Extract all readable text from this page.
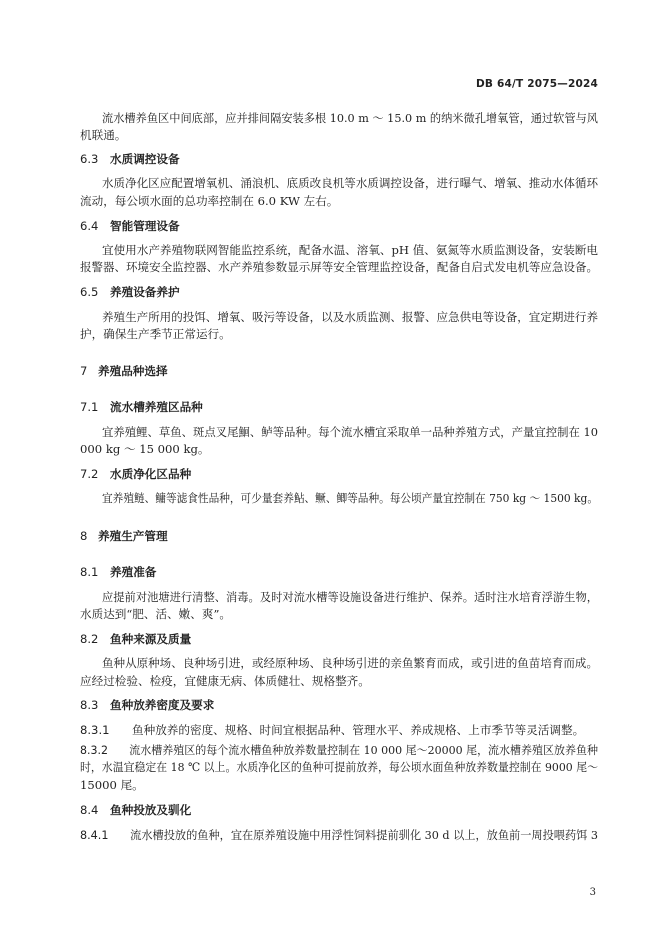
DB 64/T 2075—2024
流水槽养鱼区中间底部，应并排间隔安装多根 10.0 m ～ 15.0 m 的纳米微孔增氧管，通过软管与风
机联通。
6.3 水质调控设备
水质净化区应配置增氧机、涌浪机、底质改良机等水质调控设备，进行曝气、增氧、推动水体循环
流动，每公顷水面的总功率控制在 6.0 KW 左右。
6.4 智能管理设备
宜使用水产养殖物联网智能监控系统，配备水温、溶氧、pH 值、氨氮等水质监测设备，安装断电
报警器、环境安全监控器、水产养殖参数显示屏等安全管理监控设备，配备自启式发电机等应急设备。
6.5 养殖设备养护
养殖生产所用的投饵、增氧、吸污等设备，以及水质监测、报警、应急供电等设备，宜定期进行养
护，确保生产季节正常运行。
7 养殖品种选择
7.1 流水槽养殖区品种
宜养殖鲤、草鱼、斑点叉尾鮰、鲈等品种。每个流水槽宜采取单一品种养殖方式，产量宜控制在 10
000 kg ～ 15 000 kg。
7.2 水质净化区品种
宜养殖鲢、鳙等滤食性品种，可少量套养鲇、鳜、鲫等品种。每公顷产量宜控制在 750 kg ～ 1500 kg。
8 养殖生产管理
8.1 养殖准备
应提前对池塘进行清整、消毒。及时对流水槽等设施设备进行维护、保养。适时注水培育浮游生物，
水质达到“肥、活、嫩、爽”。
8.2 鱼种来源及质量
鱼种从原种场、良种场引进，或经原种场、良种场引进的亲鱼繁育而成，或引进的鱼苗培育而成。
应经过检验、检疫，宜健康无病、体质健壮、规格整齐。
8.3 鱼种放养密度及要求
8.3.1 鱼种放养的密度、规格、时间宜根据品种、管理水平、养成规格、上市季节等灵活调整。
8.3.2 流水槽养殖区的每个流水槽鱼种放养数量控制在 10 000 尾～20000 尾，流水槽养殖区放养鱼种
时，水温宜稳定在 18 ℃ 以上。水质净化区的鱼种可提前放养，每公顷水面鱼种放养数量控制在 9000 尾～
15000 尾。
8.4 鱼种投放及驯化
8.4.1 流水槽投放的鱼种，宜在原养殖设施中用浮性饲料提前驯化 30 d 以上，放鱼前一周投喂药饵 3
3
